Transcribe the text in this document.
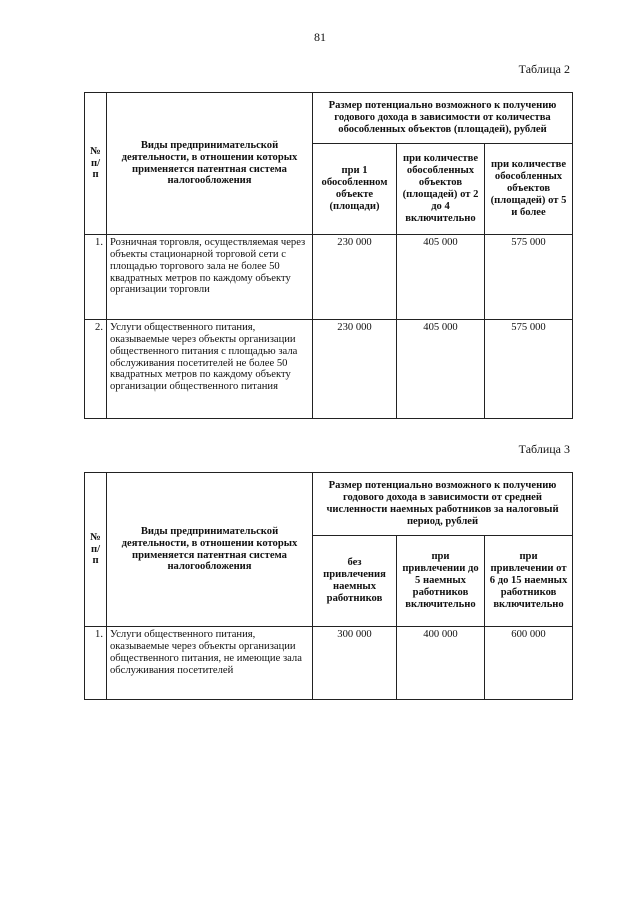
81
Таблица 2
№ п/п	Виды предпринимательской деятельности, в отношении которых применяется патентная система налогообложения	Размер потенциально возможного к получению годового дохода в зависимости от количества обособленных объектов (площадей), рублей		
		при 1 обособленном объекте (площади)	при количестве обособленных объектов (площадей) от 2 до 4 включительно	при количестве обособленных объектов (площадей) от 5 и более
1.	Розничная торговля, осуществляемая через объекты стационарной торговой сети с площадью торгового зала не более 50 квадратных метров по каждому объекту организации торговли	230 000	405 000	575 000
2.	Услуги общественного питания, оказываемые через объекты организации общественного питания с площадью зала обслуживания посетителей не более 50 квадратных метров по каждому объекту организации общественного питания	230 000	405 000	575 000
Таблица 3
№ п/п	Виды предпринимательской деятельности, в отношении которых применяется патентная система налогообложения	Размер потенциально возможного к получению годового дохода в зависимости от средней численности наемных работников за налоговый период, рублей		
		без привлечения наемных работников	при привлечении до 5 наемных работников включительно	при привлечении от 6 до 15 наемных работников включительно
1.	Услуги общественного питания, оказываемые через объекты организации общественного питания, не имеющие зала обслуживания посетителей	300 000	400 000	600 000
